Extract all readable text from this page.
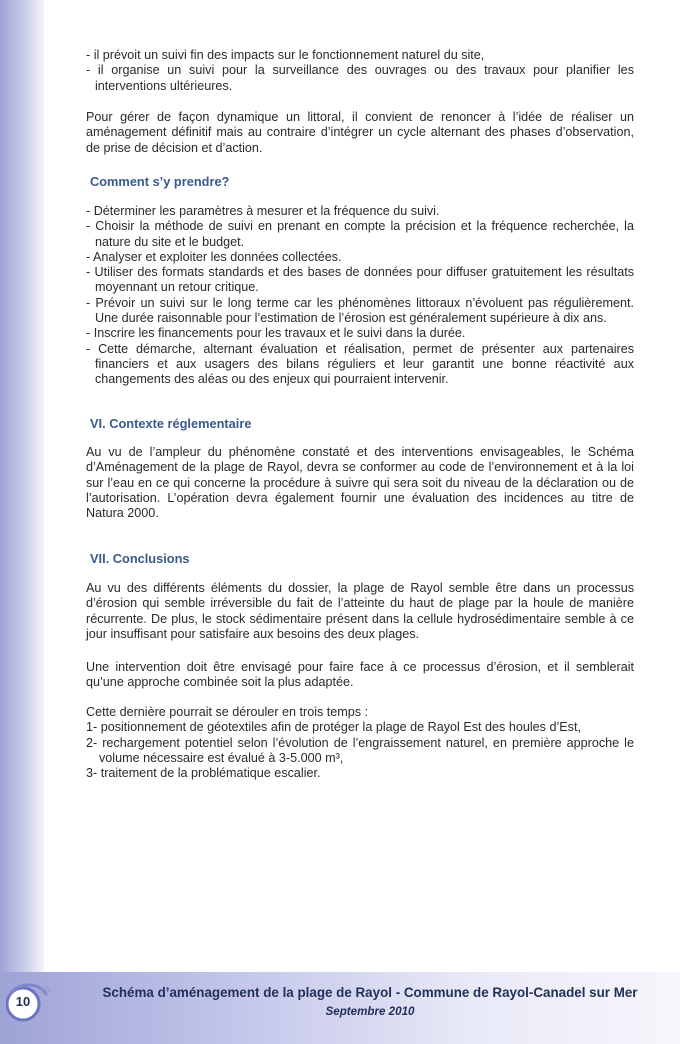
- il prévoit un suivi fin des impacts sur le fonctionnement naturel du site,

- il organise un suivi pour la surveillance des ouvrages ou des travaux pour planifier les interventions ultérieures.

Pour gérer de façon dynamique un littoral, il convient de renoncer à l’idée de réaliser un aménagement définitif mais au contraire d’intégrer un cycle alternant des phases d’observation, de prise de décision et d’action.

Comment s’y prendre?

- Déterminer les paramètres à mesurer et la fréquence du suivi.

- Choisir la méthode de suivi en prenant en compte la précision et la fréquence recherchée, la nature du site et le budget.

- Analyser et exploiter les données collectées.

- Utiliser des formats standards et des bases de données pour diffuser gratuitement les résultats moyennant un retour critique.

- Prévoir un suivi sur le long terme car les phénomènes littoraux n’évoluent pas régulièrement. Une durée raisonnable pour l’estimation de l’érosion est généralement supérieure à dix ans.

- Inscrire les financements pour les travaux et le suivi dans la durée.

- Cette démarche, alternant évaluation et réalisation, permet de présenter aux partenaires financiers et aux usagers des bilans réguliers et leur garantit une bonne réactivité aux changements des aléas ou des enjeux qui pourraient intervenir.

VI. Contexte réglementaire

Au vu de l’ampleur du phénomène constaté et des interventions envisageables, le Schéma d’Aménagement de la plage de Rayol, devra se conformer au code de l’environnement et à la loi sur l’eau en ce qui concerne la procédure à suivre qui sera soit du niveau de la déclaration ou de l’autorisation. L’opération devra également fournir une évaluation des incidences au titre de Natura 2000.

VII. Conclusions

Au vu des différents éléments du dossier, la plage de Rayol semble être dans un processus d’érosion qui semble irréversible du fait de l’atteinte du haut de plage par la houle de manière récurrente. De plus, le stock sédimentaire présent dans la cellule hydrosédimentaire semble à ce jour insuffisant pour satisfaire aux besoins des deux plages.

Une intervention doit être envisagé pour faire face à ce processus d’érosion, et il semblerait qu’une approche combinée soit la plus adaptée.

Cette dernière pourrait se dérouler en trois temps :

1- positionnement de géotextiles afin de protéger la plage de Rayol Est des houles d’Est,

2- rechargement potentiel selon l’évolution de l’engraissement naturel, en première approche le volume nécessaire est évalué à 3-5.000 m³,

3- traitement de la problématique escalier.

10
Schéma d’aménagement de la plage de Rayol - Commune de Rayol-Canadel sur Mer
Septembre 2010
